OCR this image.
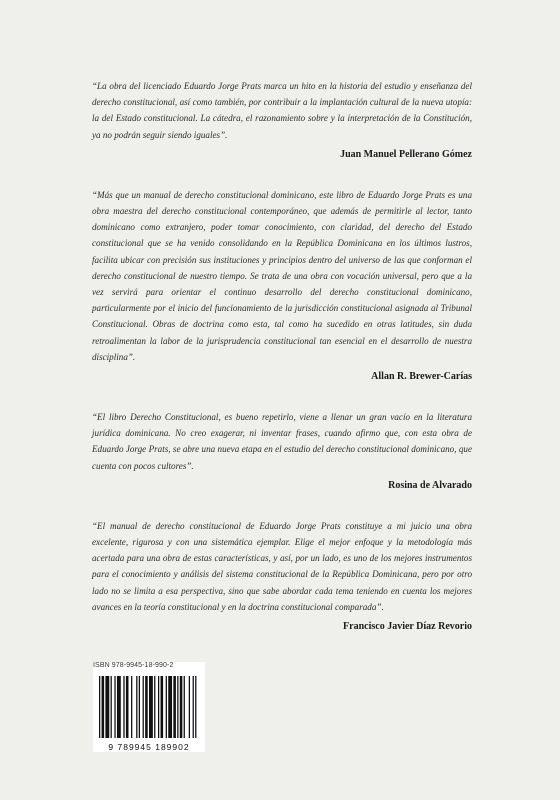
“La obra del licenciado Eduardo Jorge Prats marca un hito en la historia del estudio y enseñanza del derecho constitucional, así como también, por contribuir a la implantación cultural de la nueva utopía: la del Estado constitucional. La cátedra, el razonamiento sobre y la interpretación de la Constitución, ya no podrán seguir siendo iguales”.

Juan Manuel Pellerano Gómez

“Más que un manual de derecho constitucional dominicano, este libro de Eduardo Jorge Prats es una obra maestra del derecho constitucional contemporáneo, que además de permitirle al lector, tanto dominicano como extranjero, poder tomar conocimiento, con claridad, del derecho del Estado constitucional que se ha venido consolidando en la República Dominicana en los últimos lustros, facilita ubicar con precisión sus instituciones y principios dentro del universo de las que conforman el derecho constitucional de nuestro tiempo. Se trata de una obra con vocación universal, pero que a la vez servirá para orientar el continuo desarrollo del derecho constitucional dominicano, particularmente por el inicio del funcionamiento de la jurisdicción constitucional asignada al Tribunal Constitucional. Obras de doctrina como esta, tal como ha sucedido en otras latitudes, sin duda retroalimentan la labor de la jurisprudencia constitucional tan esencial en el desarrollo de nuestra disciplina”.

Allan R. Brewer-Carías

“El libro Derecho Constitucional, es bueno repetirlo, viene a llenar un gran vacío en la literatura jurídica dominicana. No creo exagerar, ni inventar frases, cuando afirmo que, con esta obra de Eduardo Jorge Prats, se abre una nueva etapa en el estudio del derecho constitucional dominicano, que cuenta con pocos cultores”.

Rosina de Alvarado

“El manual de derecho constitucional de Eduardo Jorge Prats constituye a mi juicio una obra excelente, rigurosa y con una sistemática ejemplar. Elige el mejor enfoque y la metodología más acertada para una obra de estas características, y así, por un lado, es uno de los mejores instrumentos para el conocimiento y análisis del sistema constitucional de la República Dominicana, pero por otro lado no se limita a esa perspectiva, sino que sabe abordar cada tema teniendo en cuenta los mejores avances en la teoría constitucional y en la doctrina constitucional comparada”.

Francisco Javier Díaz Revorio

ISBN 978-9945-18-990-2
9 789945 189902
